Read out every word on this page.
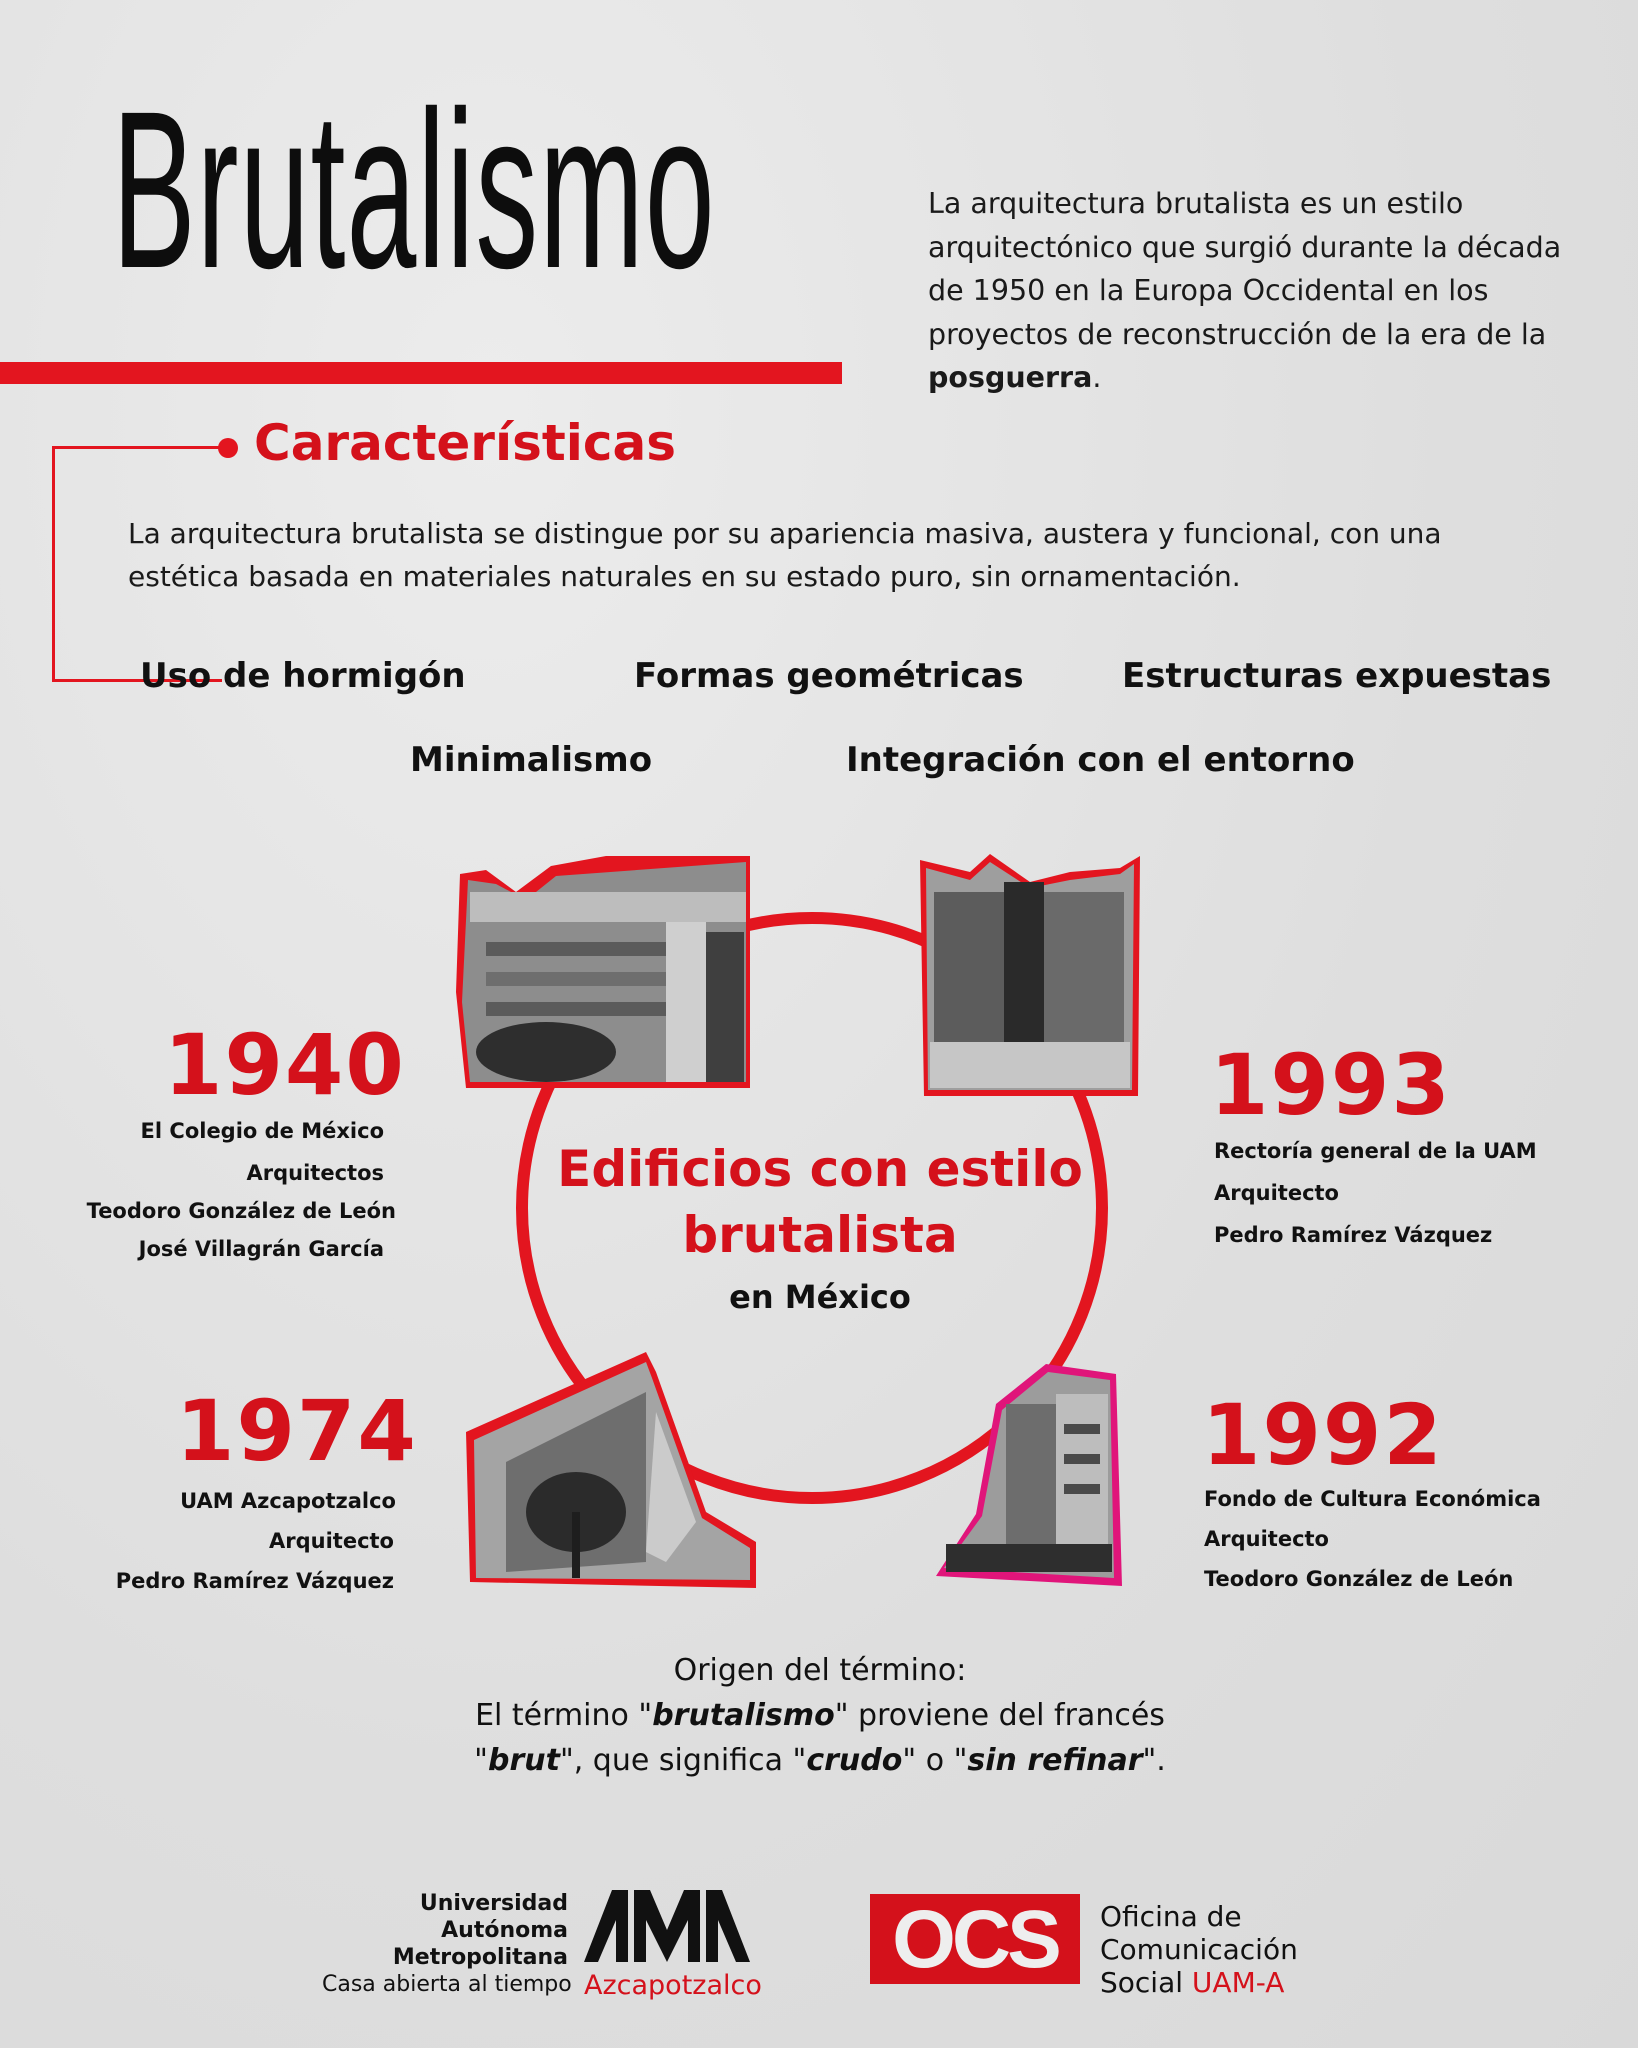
Brutalismo	La arquitectura brutalista es un estilo arquitectónico que surgió durante la década de 1950 en la Europa Occidental en los proyectos de reconstrucción de la era de la posguerra.
Características
La arquitectura brutalista se distingue por su apariencia masiva, austera y funcional, con una estética basada en materiales naturales en su estado puro, sin ornamentación.
Uso de hormigón	Formas geométricas	Estructuras expuestas
Minimalismo	Integración con el entorno
Edificios con estilo brutalista
en México
1940
El Colegio de México
Arquitectos
Teodoro González de León
José Villagrán García
1993
Rectoría general de la UAM
Arquitecto
Pedro Ramírez Vázquez
1974
UAM Azcapotzalco
Arquitecto
Pedro Ramírez Vázquez
1992
Fondo de Cultura Económica
Arquitecto
Teodoro González de León
Origen del término:
El término "brutalismo" proviene del francés
"brut", que significa "crudo" o "sin refinar".
Universidad
Autónoma
Metropolitana
Casa abierta al tiempo Azcapotzalco
OCS	Oficina de
Comunicación
Social UAM-A
